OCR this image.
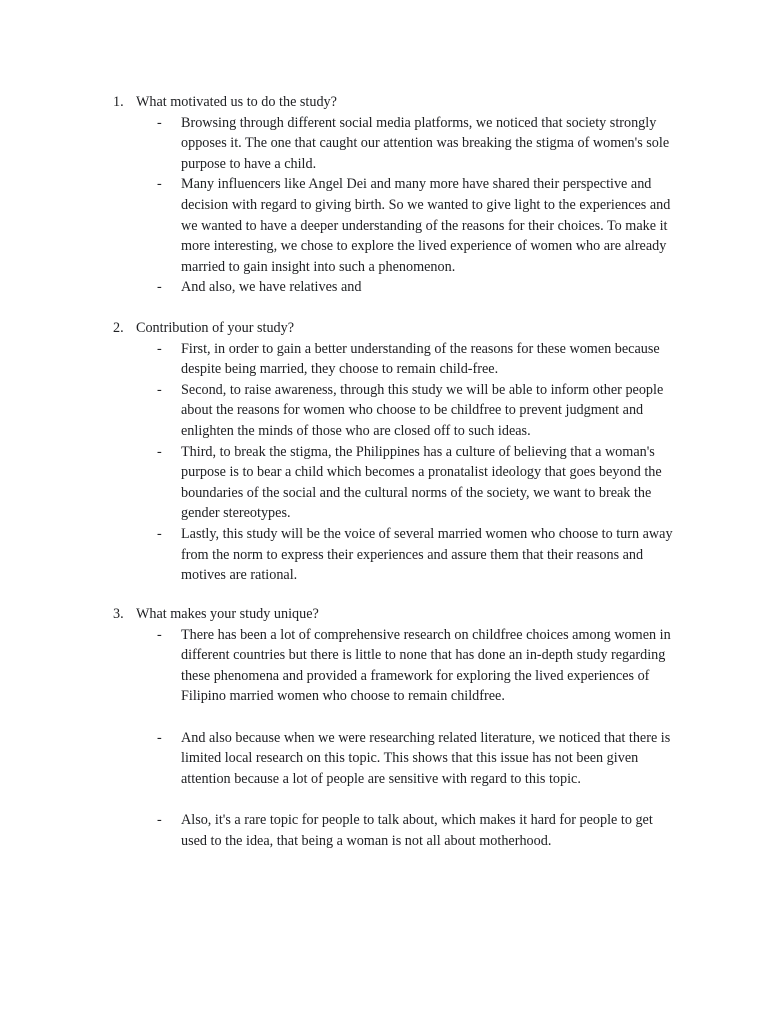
1. What motivated us to do the study?
- Browsing through different social media platforms, we noticed that society strongly opposes it. The one that caught our attention was breaking the stigma of women's sole purpose to have a child.
- Many influencers like Angel Dei and many more have shared their perspective and decision with regard to giving birth. So we wanted to give light to the experiences and we wanted to have a deeper understanding of the reasons for their choices. To make it more interesting, we chose to explore the lived experience of women who are already married to gain insight into such a phenomenon.
- And also, we have relatives and
2. Contribution of your study?
- First, in order to gain a better understanding of the reasons for these women because despite being married, they choose to remain child-free.
- Second, to raise awareness, through this study we will be able to inform other people about the reasons for women who choose to be childfree to prevent judgment and enlighten the minds of those who are closed off to such ideas.
- Third, to break the stigma, the Philippines has a culture of believing that a woman's purpose is to bear a child which becomes a pronatalist ideology that goes beyond the boundaries of the social and the cultural norms of the society, we want to break the gender stereotypes.
- Lastly, this study will be the voice of several married women who choose to turn away from the norm to express their experiences and assure them that their reasons and motives are rational.
3. What makes your study unique?
- There has been a lot of comprehensive research on childfree choices among women in different countries but there is little to none that has done an in-depth study regarding these phenomena and provided a framework for exploring the lived experiences of Filipino married women who choose to remain childfree.
- And also because when we were researching related literature, we noticed that there is limited local research on this topic. This shows that this issue has not been given attention because a lot of people are sensitive with regard to this topic.
- Also, it's a rare topic for people to talk about, which makes it hard for people to get used to the idea, that being a woman is not all about motherhood.
